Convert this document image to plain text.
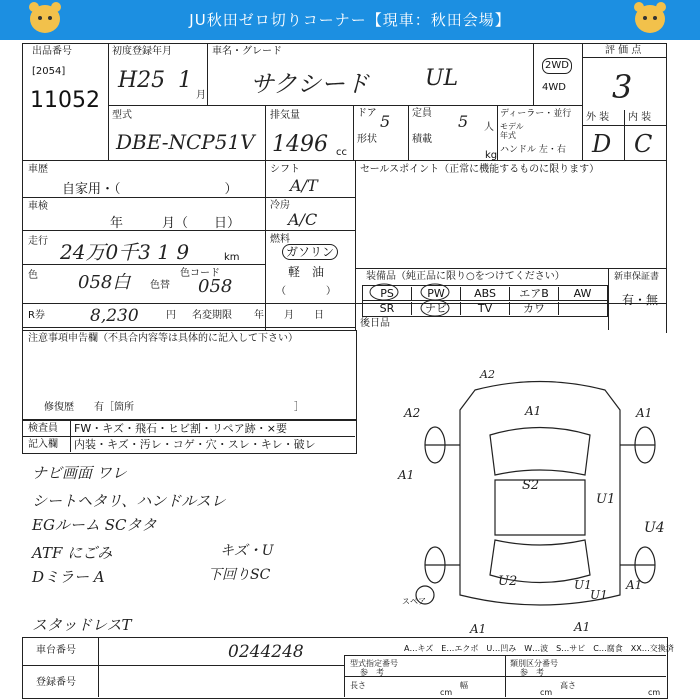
JU秋田ゼロ切りコーナー【現車：秋田会場】
出品番号
[2054]
11052
初度登録年月
H25 1
月
車名・グレード
サクシード	UL
2WD
4WD
評 価 点
3
型式
DBE-NCP51V
排気量
1496 cc
ドア 5
形状
定員 5 人
積載
kg
ディーラー・並行
モデル年式
ハンドル 左・右
外 装 内 装
D C
車歴
自家用・（　　　　　　　　）
車検
年　　　月（　　日）
走行 24万0千3 1 9	km
色 058白 色替
色コード
058
シフト
A/T
冷房
A/C
燃料
ガソリン
軽　油
（　　　　）
R券	8,230	円 名変期限 年　　月　　日
セールスポイント（正常に機能するものに限ります）
装備品（純正品に限り○をつけてください）	新車保証書
有・無
PS	PW	ABS	エアB	AW
SR	ナビ	TV	カワ
後日品
注意事項申告欄（不具合内容等は具体的に記入して下さい）
修復歴　　有［箇所　　　　　　　　　　　　　　　　］
検査員
記入欄
FW・キズ・飛石・ヒビ割・リペア跡・×要
内装・キズ・汚レ・コゲ・穴・スレ・キレ・破レ
ナビ画面 ワレ
シートヘタリ、ハンドルスレ
EGルーム SCタタ
ATF にごみ
Dミラー A
スタッドレスT
キズ・U
下回りSC
A2
A1
A2	A1
A1
S2
U1
U4
U2	U1	A1
U1
A1	A1
スペア
車台番号	0244248
登録番号
A…キズ　E…エクボ　U…凹み　W…波　S…サビ　C…腐食　XX…交換済
型式指定番号
参　考
類別区分番号
参　考
長さ
cm
幅
cm
高さ
cm
